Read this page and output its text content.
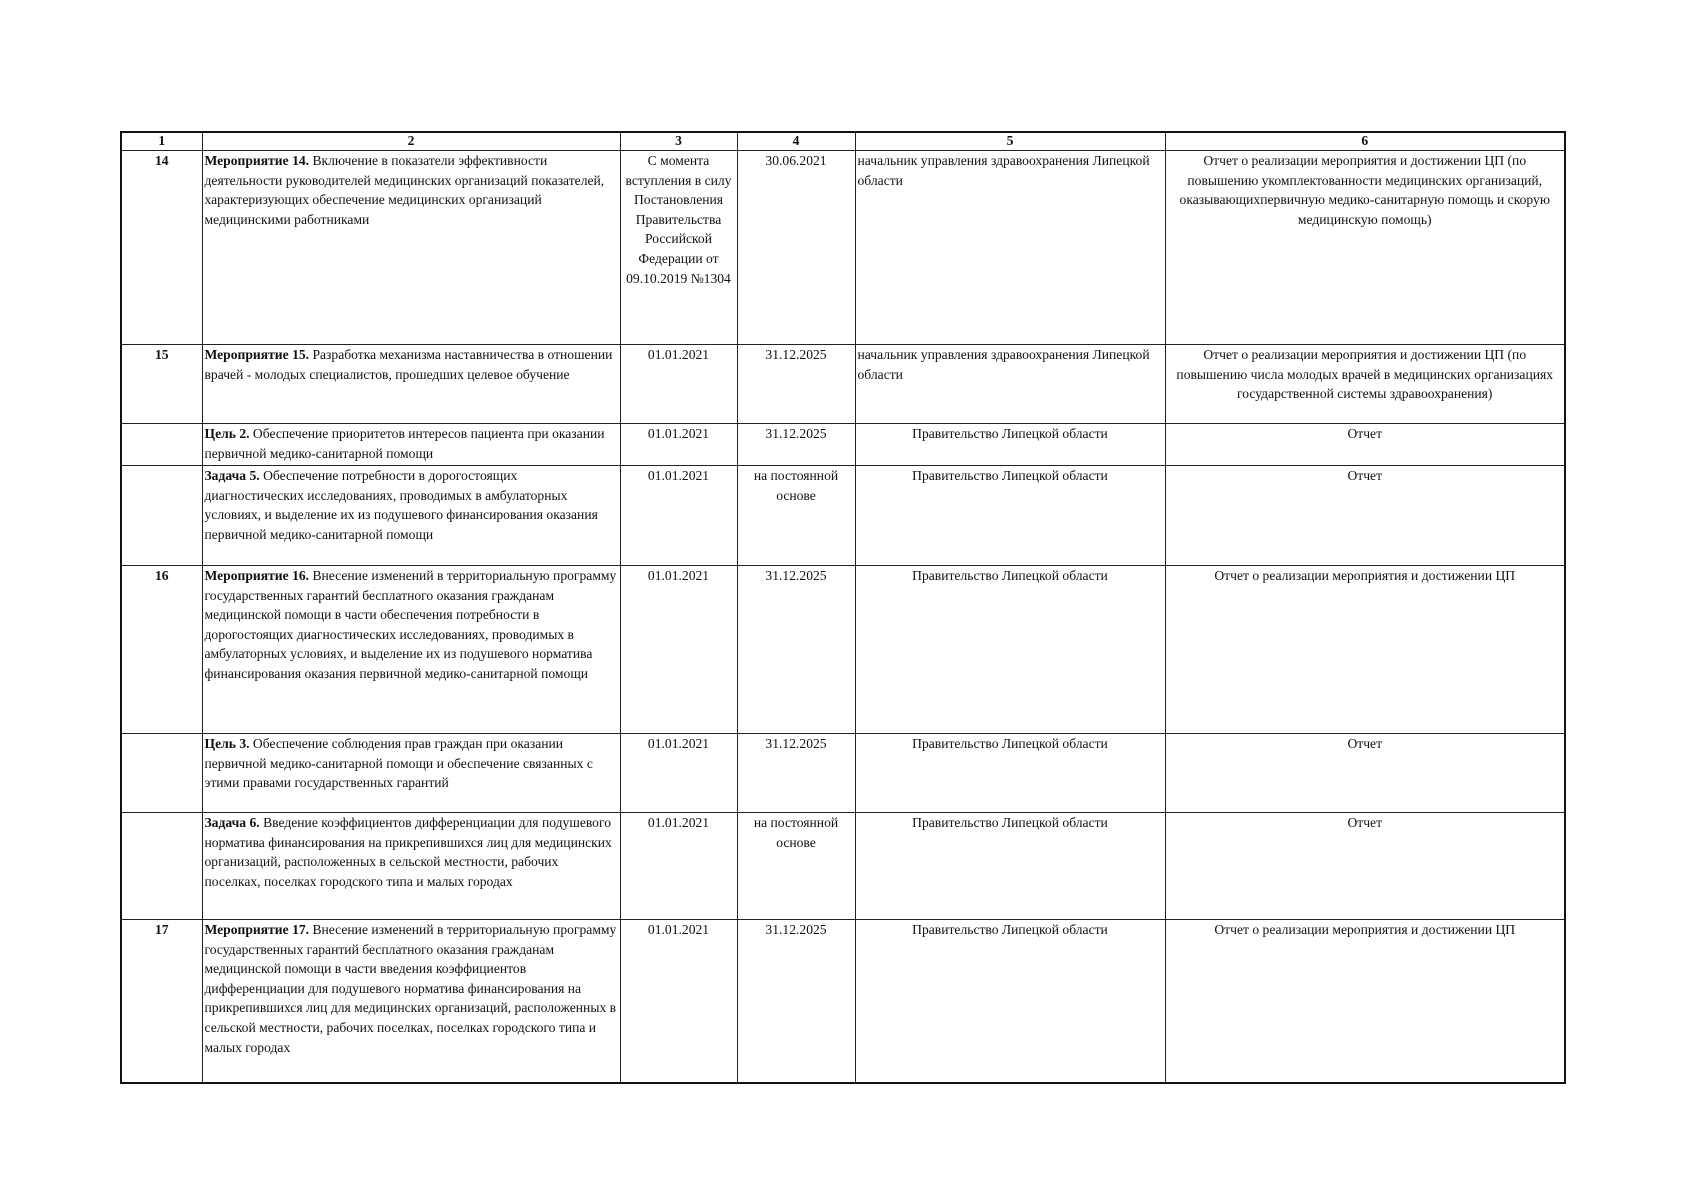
1	2	3	4	5	6
14	Мероприятие 14. Включение в показатели эффективности деятельности руководителей медицинских организаций показателей, характеризующих обеспечение медицинских организаций медицинскими работниками	С момента вступления в силу Постановления Правительства Российской Федерации от 09.10.2019 №1304	30.06.2021	начальник управления здравоохранения Липецкой области	Отчет о реализации мероприятия и достижении ЦП (по повышению укомплектованности медицинских организаций, оказывающихпервичную медико-санитарную помощь и скорую медицинскую помощь)
15	Мероприятие 15. Разработка механизма наставничества в отношении врачей - молодых специалистов, прошедших целевое обучение	01.01.2021	31.12.2025	начальник управления здравоохранения Липецкой области	Отчет о реализации мероприятия и достижении ЦП (по повышению числа молодых врачей в медицинских организациях государственной системы здравоохранения)
	Цель 2. Обеспечение приоритетов интересов пациента при оказании первичной медико-санитарной помощи	01.01.2021	31.12.2025	Правительство Липецкой области	Отчет
	Задача 5. Обеспечение потребности в дорогостоящих диагностических исследованиях, проводимых в амбулаторных условиях, и выделение их из подушевого финансирования оказания первичной медико-санитарной помощи	01.01.2021	на постоянной основе	Правительство Липецкой области	Отчет
16	Мероприятие 16. Внесение изменений в территориальную программу государственных гарантий бесплатного оказания гражданам медицинской помощи в части обеспечения потребности в дорогостоящих диагностических исследованиях, проводимых в амбулаторных условиях, и выделение их из подушевого норматива финансирования оказания первичной медико-санитарной помощи	01.01.2021	31.12.2025	Правительство Липецкой области	Отчет о реализации мероприятия и достижении ЦП
	Цель 3. Обеспечение соблюдения прав граждан при оказании первичной медико-санитарной помощи и обеспечение связанных с этими правами государственных гарантий	01.01.2021	31.12.2025	Правительство Липецкой области	Отчет
	Задача 6. Введение коэффициентов дифференциации для подушевого норматива финансирования на прикрепившихся лиц для медицинских организаций, расположенных в сельской местности, рабочих поселках, поселках городского типа и малых городах	01.01.2021	на постоянной основе	Правительство Липецкой области	Отчет
17	Мероприятие 17. Внесение изменений в территориальную программу государственных гарантий бесплатного оказания гражданам медицинской помощи в части введения коэффициентов дифференциации для подушевого норматива финансирования на прикрепившихся лиц для медицинских организаций, расположенных в сельской местности, рабочих поселках, поселках городского типа и малых городах	01.01.2021	31.12.2025	Правительство Липецкой области	Отчет о реализации мероприятия и достижении ЦП
